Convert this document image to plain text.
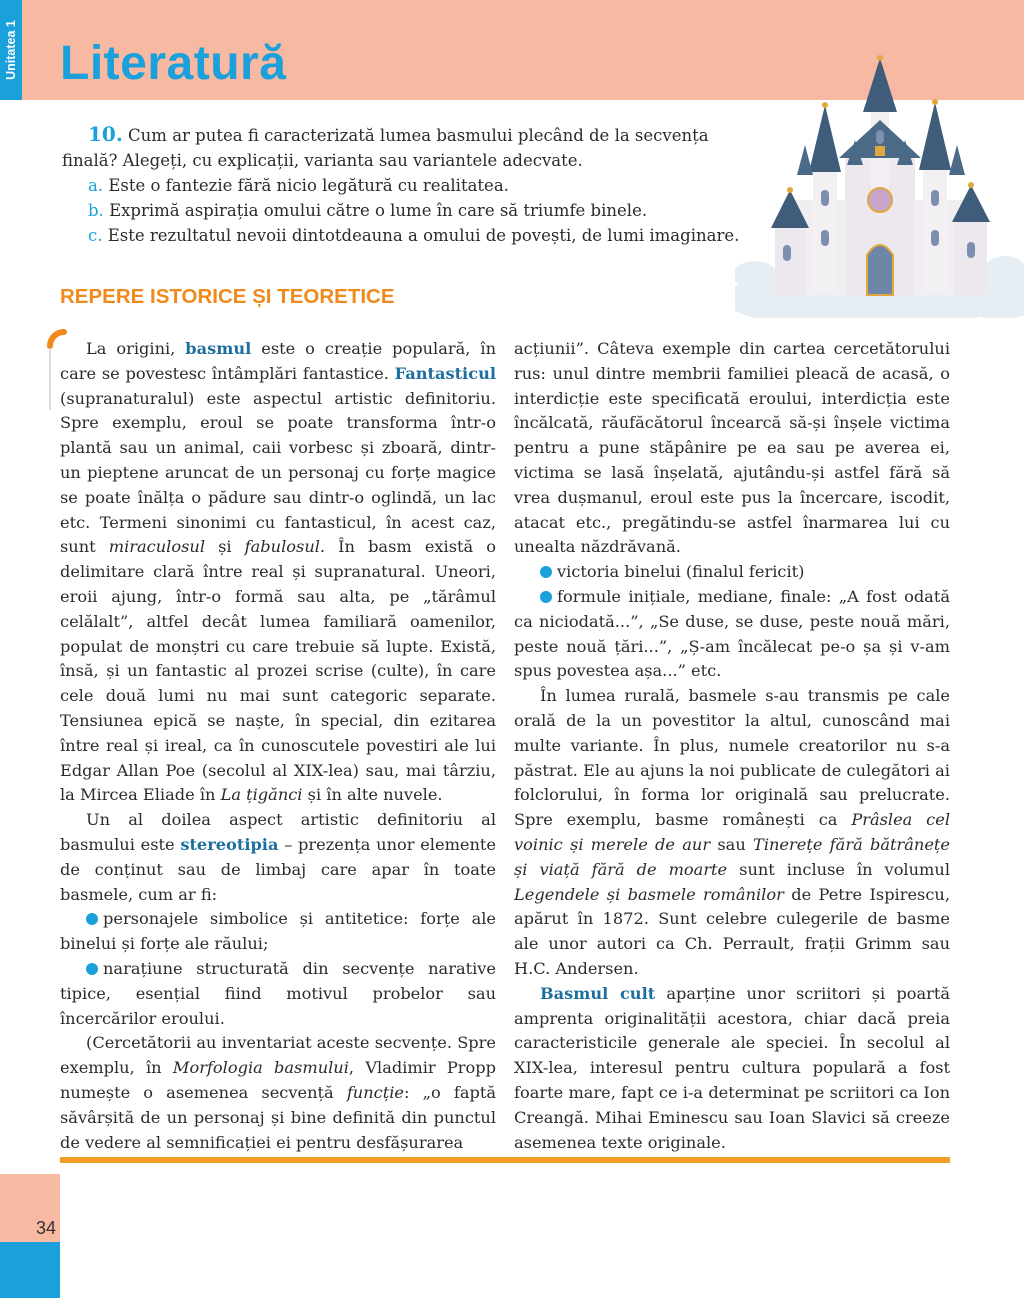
Unitatea 1 Literatură
10. Cum ar putea fi caracterizată lumea basmului plecând de la secvența
finală? Alegeți, cu explicații, varianta sau variantele adecvate.
a. Este o fantezie fără nicio legătură cu realitatea.
b. Exprimă aspirația omului către o lume în care să triumfe binele.
c. Este rezultatul nevoii dintotdeauna a omului de povești, de lumi imaginare.
REPERE ISTORICE ȘI TEORETICE

La origini, basmul este o creație populară, în care se povestesc întâmplări fantastice. Fantasticul (supranaturalul) este aspectul artistic definitoriu. Spre exemplu, eroul se poate transforma într-o plantă sau un animal, caii vorbesc și zboară, dintr-un pieptene aruncat de un personaj cu forțe magice se poate înălța o pădure sau dintr-o oglindă, un lac etc. Termeni sinonimi cu fantasticul, în acest caz, sunt miraculosul și fabulosul. În basm există o delimitare clară între real și supranatural. Uneori, eroii ajung, într-o formă sau alta, pe „tărâmul celălalt”, altfel decât lumea familiară oamenilor, populat de monștri cu care trebuie să lupte. Există, însă, și un fantastic al prozei scrise (culte), în care cele două lumi nu mai sunt categoric separate. Tensiunea epică se naște, în special, din ezitarea între real și ireal, ca în cunoscutele povestiri ale lui Edgar Allan Poe (secolul al XIX-lea) sau, mai târziu, la Mircea Eliade în La țigănci și în alte nuvele.

Un al doilea aspect artistic definitoriu al basmului este stereotipia – prezența unor elemente de conținut sau de limbaj care apar în toate basmele, cum ar fi:

personajele simbolice și antitetice: forțe ale binelui și forțe ale răului;

narațiune structurată din secvențe narative tipice, esențial fiind motivul probelor sau încercărilor eroului.

(Cercetătorii au inventariat aceste secvențe. Spre exemplu, în Morfologia basmului, Vladimir Propp numește o asemenea secvență funcție: „o faptă săvârșită de un personaj și bine definită din punctul de vedere al semnificației ei pentru desfășurarea

acțiunii”. Câteva exemple din cartea cercetătorului rus: unul dintre membrii familiei pleacă de acasă, o interdicție este specificată eroului, interdicția este încălcată, răufăcătorul încearcă să-și înșele victima pentru a pune stăpânire pe ea sau pe averea ei, victima se lasă înșelată, ajutându-și astfel fără să vrea dușmanul, eroul este pus la încercare, iscodit, atacat etc., pregătindu-se astfel înarmarea lui cu unealta năzdrăvană.

victoria binelui (finalul fericit)

formule inițiale, mediane, finale: „A fost odată ca niciodată...”, „Se duse, se duse, peste nouă mări, peste nouă țări...”, „Ș-am încălecat pe-o șa și v-am spus povestea așa...” etc.

În lumea rurală, basmele s-au transmis pe cale orală de la un povestitor la altul, cunoscând mai multe variante. În plus, numele creatorilor nu s-a păstrat. Ele au ajuns la noi publicate de culegători ai folclorului, în forma lor originală sau prelucrate. Spre exemplu, basme românești ca Prâslea cel voinic și merele de aur sau Tinerețe fără bătrânețe și viață fără de moarte sunt incluse în volumul Legendele și basmele românilor de Petre Ispirescu, apărut în 1872. Sunt celebre culegerile de basme ale unor autori ca Ch. Perrault, frații Grimm sau H.C. Andersen.

Basmul cult aparține unor scriitori și poartă amprenta originalității acestora, chiar dacă preia caracteristicile generale ale speciei. În secolul al XIX-lea, interesul pentru cultura populară a fost foarte mare, fapt ce i-a determinat pe scriitori ca Ion Creangă. Mihai Eminescu sau Ioan Slavici să creeze asemenea texte originale.

34
